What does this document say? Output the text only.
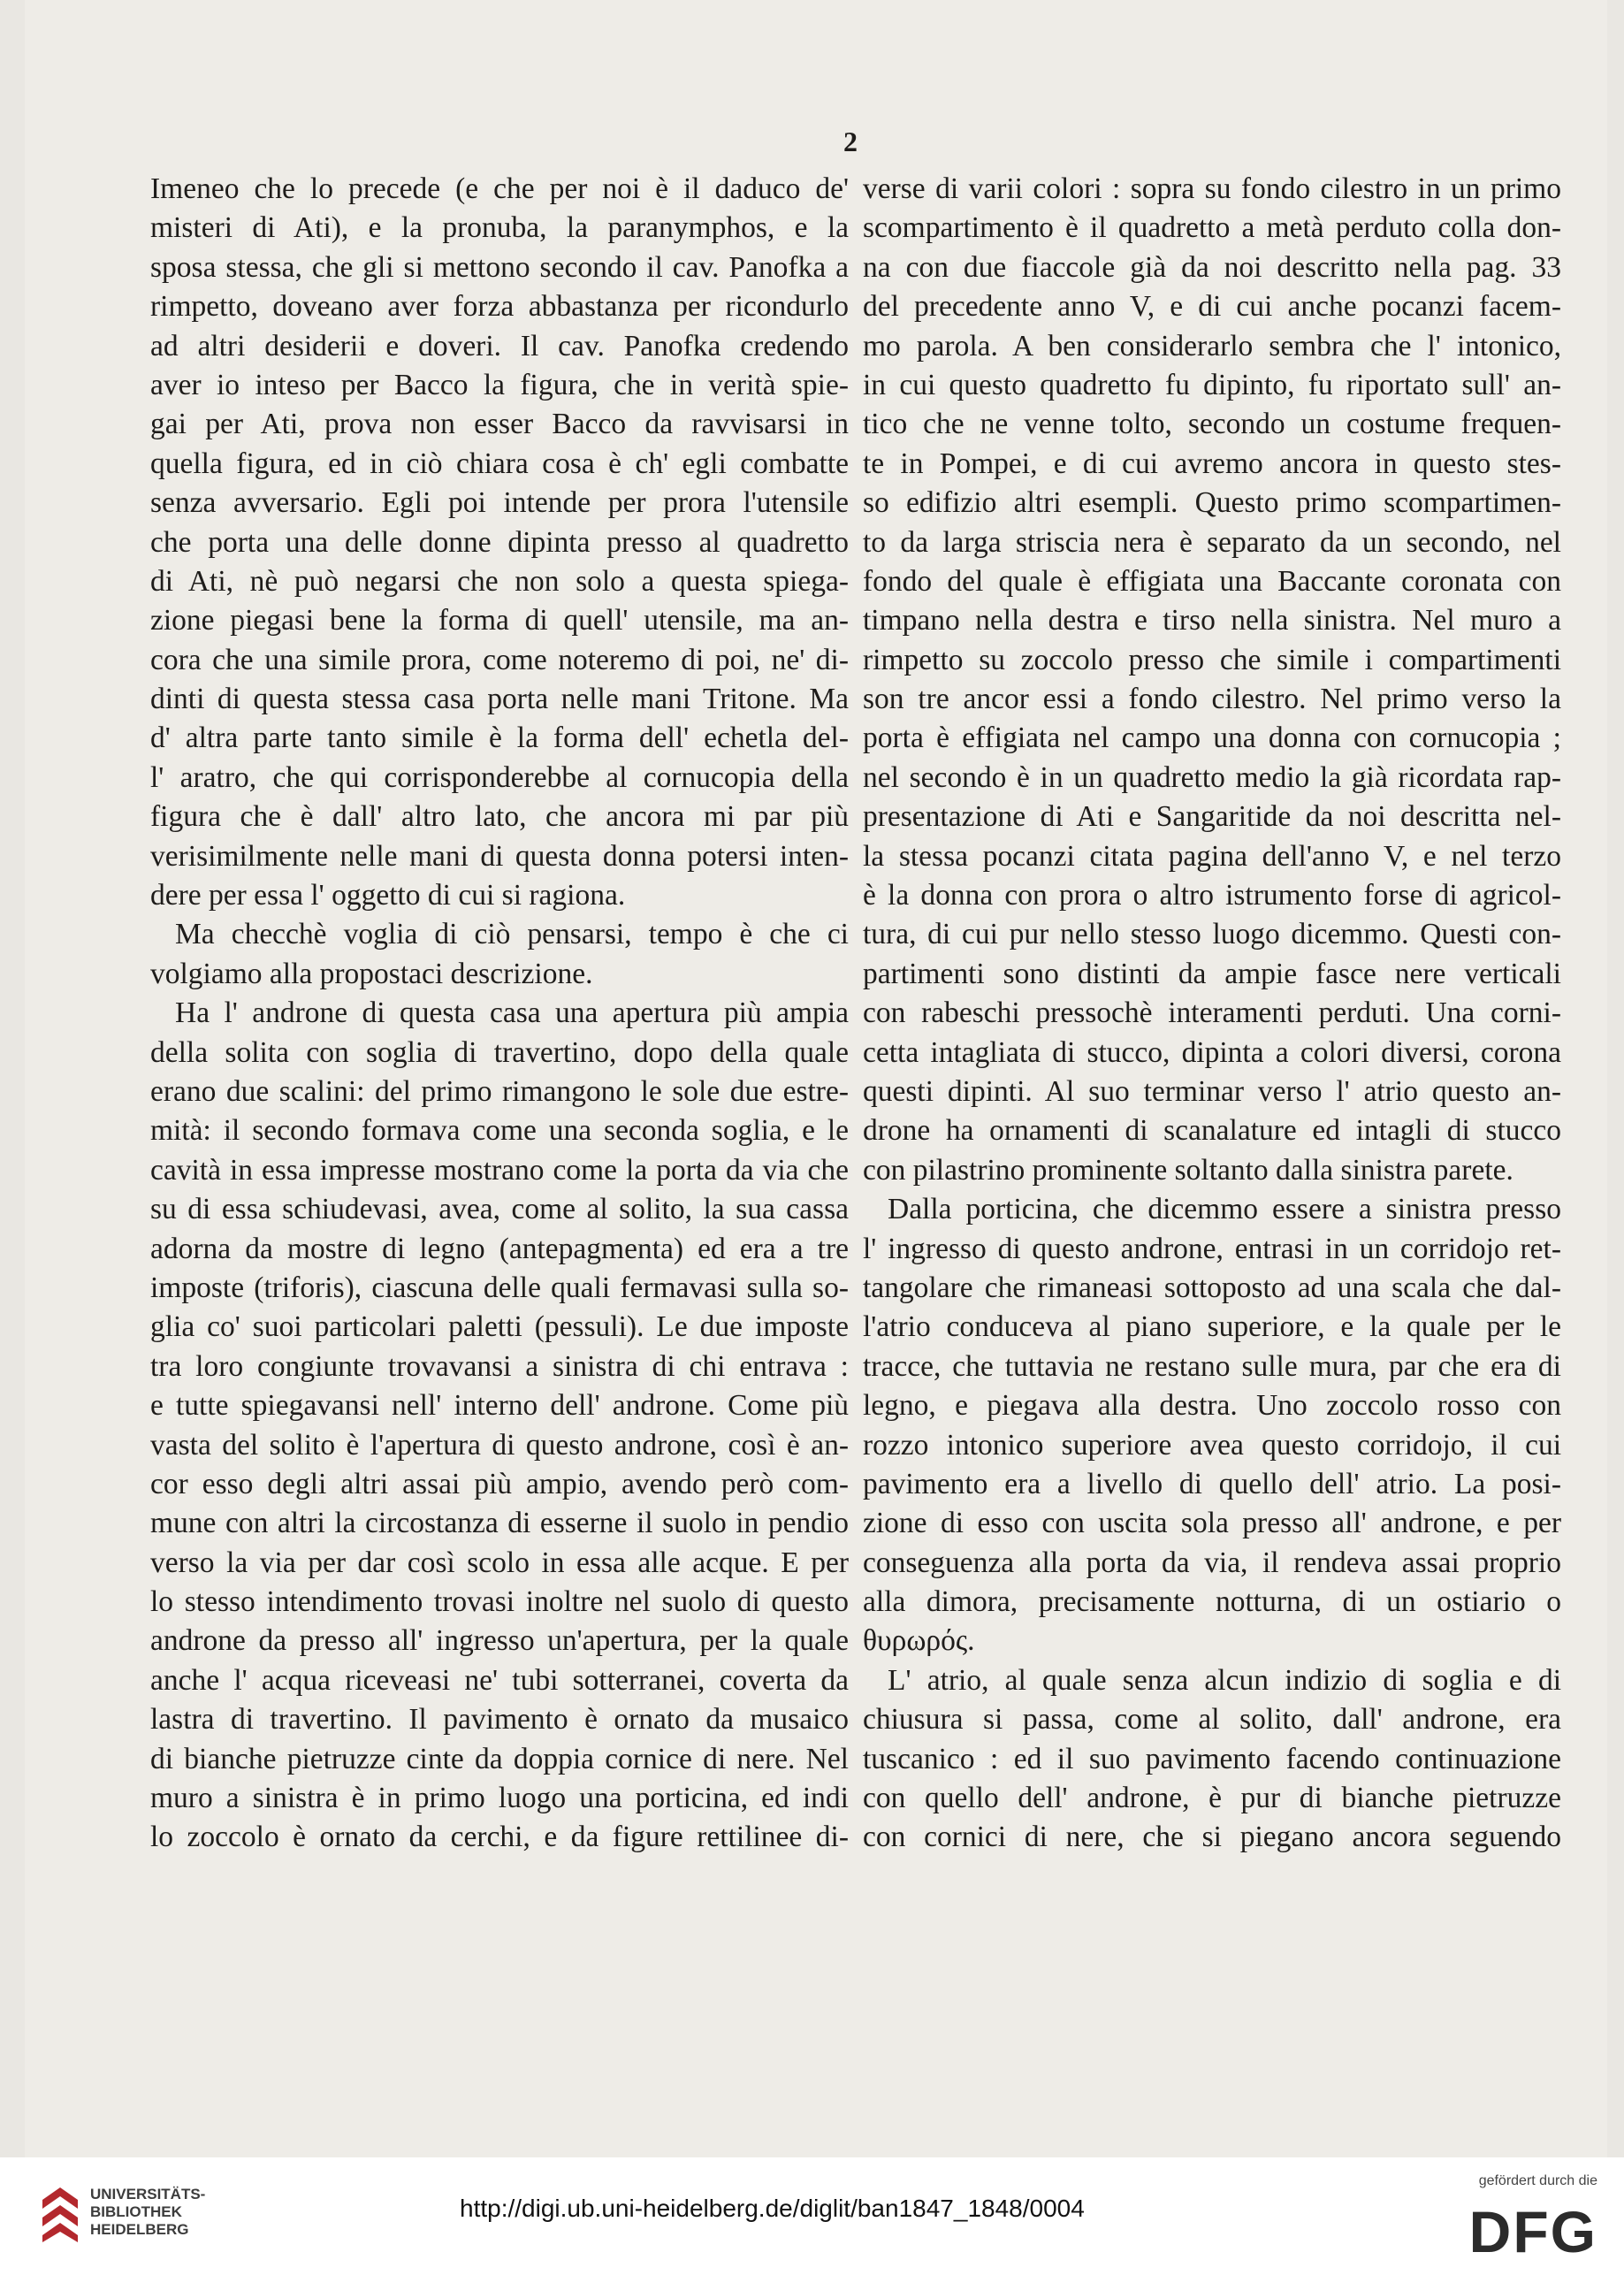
2
Imeneo che lo precede (e che per noi è il daduco de'
misteri di Ati), e la pronuba, la paranymphos, e la
sposa stessa, che gli si mettono secondo il cav. Panofka a
rimpetto, doveano aver forza abbastanza per ricondurlo
ad altri desiderii e doveri. Il cav. Panofka credendo
aver io inteso per Bacco la figura, che in verità spie-
gai per Ati, prova non esser Bacco da ravvisarsi in
quella figura, ed in ciò chiara cosa è ch' egli combatte
senza avversario. Egli poi intende per prora l'utensile
che porta una delle donne dipinta presso al quadretto
di Ati, nè può negarsi che non solo a questa spiega-
zione piegasi bene la forma di quell' utensile, ma an-
cora che una simile prora, come noteremo di poi, ne' di-
dinti di questa stessa casa porta nelle mani Tritone. Ma
d' altra parte tanto simile è la forma dell' echetla del-
l' aratro, che qui corrisponderebbe al cornucopia della
figura che è dall' altro lato, che ancora mi par più
verisimilmente nelle mani di questa donna potersi inten-
dere per essa l' oggetto di cui si ragiona.
Ma checchè voglia di ciò pensarsi, tempo è che ci
volgiamo alla propostaci descrizione.
Ha l' androne di questa casa una apertura più ampia
della solita con soglia di travertino, dopo della quale
erano due scalini: del primo rimangono le sole due estre-
mità: il secondo formava come una seconda soglia, e le
cavità in essa impresse mostrano come la porta da via che
su di essa schiudevasi, avea, come al solito, la sua cassa
adorna da mostre di legno (antepagmenta) ed era a tre
imposte (triforis), ciascuna delle quali fermavasi sulla so-
glia co' suoi particolari paletti (pessuli). Le due imposte
tra loro congiunte trovavansi a sinistra di chi entrava :
e tutte spiegavansi nell' interno dell' androne. Come più
vasta del solito è l'apertura di questo androne, così è an-
cor esso degli altri assai più ampio, avendo però com-
mune con altri la circostanza di esserne il suolo in pendio
verso la via per dar così scolo in essa alle acque. E per
lo stesso intendimento trovasi inoltre nel suolo di questo
androne da presso all' ingresso un'apertura, per la quale
anche l' acqua riceveasi ne' tubi sotterranei, coverta da
lastra di travertino. Il pavimento è ornato da musaico
di bianche pietruzze cinte da doppia cornice di nere. Nel
muro a sinistra è in primo luogo una porticina, ed indi
lo zoccolo è ornato da cerchi, e da figure rettilinee di-
verse di varii colori : sopra su fondo cilestro in un primo
scompartimento è il quadretto a metà perduto colla don-
na con due fiaccole già da noi descritto nella pag. 33
del precedente anno V, e di cui anche pocanzi facem-
mo parola. A ben considerarlo sembra che l' intonico,
in cui questo quadretto fu dipinto, fu riportato sull' an-
tico che ne venne tolto, secondo un costume frequen-
te in Pompei, e di cui avremo ancora in questo stes-
so edifizio altri esempli. Questo primo scompartimen-
to da larga striscia nera è separato da un secondo, nel
fondo del quale è effigiata una Baccante coronata con
timpano nella destra e tirso nella sinistra. Nel muro a
rimpetto su zoccolo presso che simile i compartimenti
son tre ancor essi a fondo cilestro. Nel primo verso la
porta è effigiata nel campo una donna con cornucopia ;
nel secondo è in un quadretto medio la già ricordata rap-
presentazione di Ati e Sangaritide da noi descritta nel-
la stessa pocanzi citata pagina dell'anno V, e nel terzo
è la donna con prora o altro istrumento forse di agricol-
tura, di cui pur nello stesso luogo dicemmo. Questi con-
partimenti sono distinti da ampie fasce nere verticali
con rabeschi pressochè interamenti perduti. Una corni-
cetta intagliata di stucco, dipinta a colori diversi, corona
questi dipinti. Al suo terminar verso l' atrio questo an-
drone ha ornamenti di scanalature ed intagli di stucco
con pilastrino prominente soltanto dalla sinistra parete.
Dalla porticina, che dicemmo essere a sinistra presso
l' ingresso di questo androne, entrasi in un corridojo ret-
tangolare che rimaneasi sottoposto ad una scala che dal-
l'atrio conduceva al piano superiore, e la quale per le
tracce, che tuttavia ne restano sulle mura, par che era di
legno, e piegava alla destra. Uno zoccolo rosso con
rozzo intonico superiore avea questo corridojo, il cui
pavimento era a livello di quello dell' atrio. La posi-
zione di esso con uscita sola presso all' androne, e per
conseguenza alla porta da via, il rendeva assai proprio
alla dimora, precisamente notturna, di un ostiario o
θυρωρός.
L' atrio, al quale senza alcun indizio di soglia e di
chiusura si passa, come al solito, dall' androne, era
tuscanico : ed il suo pavimento facendo continuazione
con quello dell' androne, è pur di bianche pietruzze
con cornici di nere, che si piegano ancora seguendo
UNIVERSITÄTS-
BIBLIOTHEK
HEIDELBERG
http://digi.ub.uni-heidelberg.de/diglit/ban1847_1848/0004
gefördert durch die
DFG
